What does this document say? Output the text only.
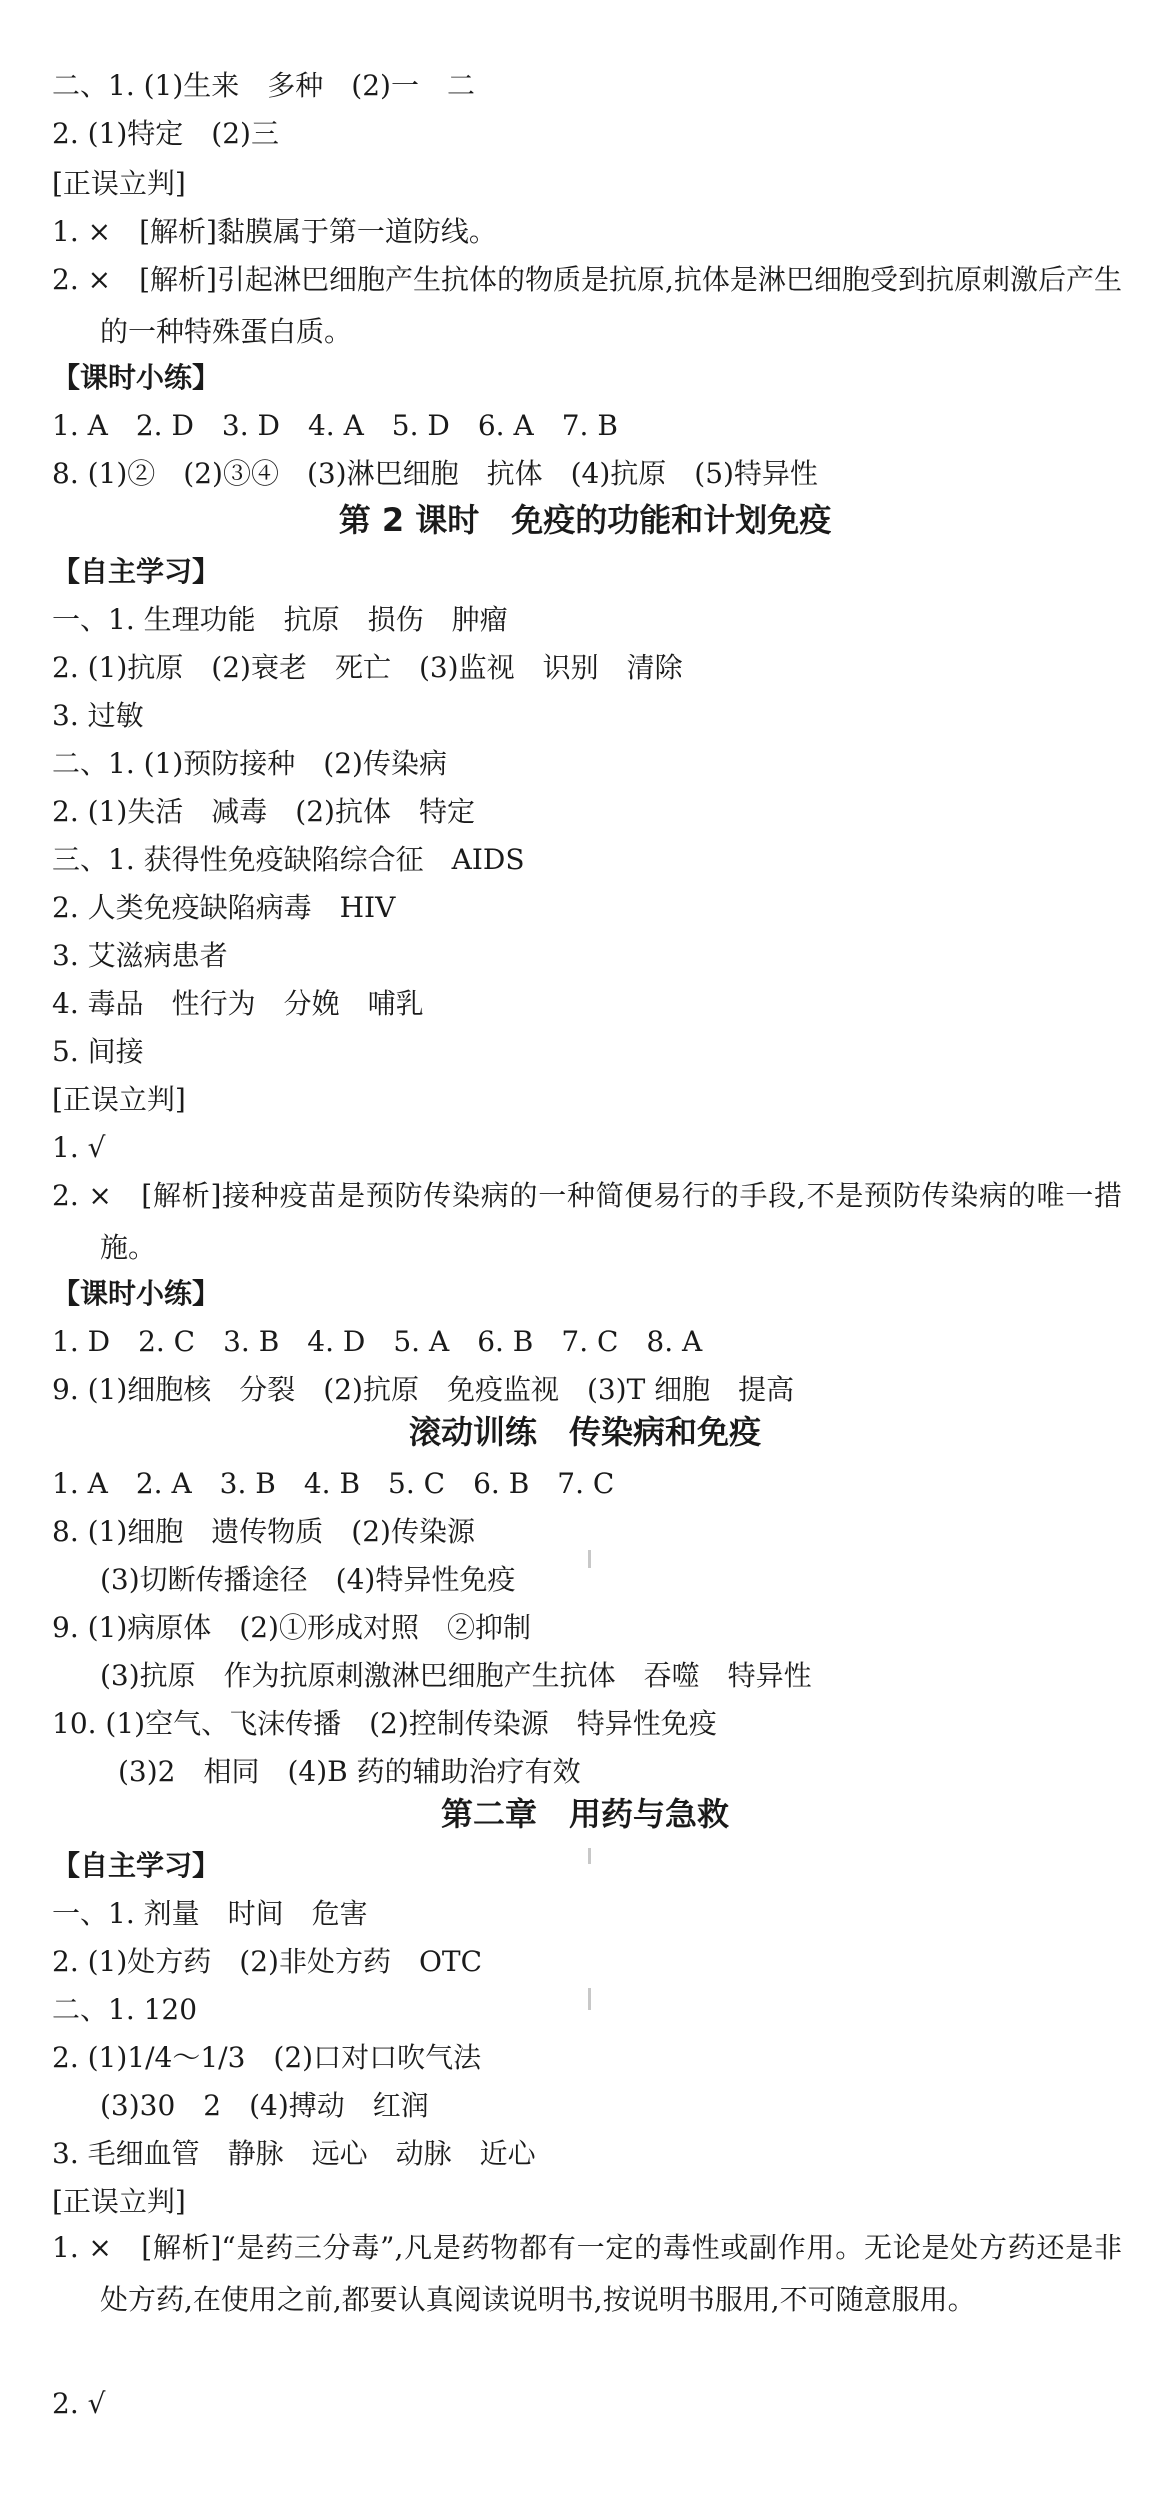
二、1. (1)生来　多种　(2)一　二
2. (1)特定　(2)三
[正误立判]
1. ×　[解析]黏膜属于第一道防线。
2. ×　[解析]引起淋巴细胞产生抗体的物质是抗原,抗体是淋巴细胞受到抗原刺激后产生的一种特殊蛋白质。
【课时小练】
1. A　2. D　3. D　4. A　5. D　6. A　7. B
8. (1)②　(2)③④　(3)淋巴细胞　抗体　(4)抗原　(5)特异性
第 2 课时　免疫的功能和计划免疫
【自主学习】
一、1. 生理功能　抗原　损伤　肿瘤
2. (1)抗原　(2)衰老　死亡　(3)监视　识别　清除
3. 过敏
二、1. (1)预防接种　(2)传染病
2. (1)失活　减毒　(2)抗体　特定
三、1. 获得性免疫缺陷综合征　AIDS
2. 人类免疫缺陷病毒　HIV
3. 艾滋病患者
4. 毒品　性行为　分娩　哺乳
5. 间接
[正误立判]
1. √
2. ×　[解析]接种疫苗是预防传染病的一种简便易行的手段,不是预防传染病的唯一措施。
【课时小练】
1. D　2. C　3. B　4. D　5. A　6. B　7. C　8. A
9. (1)细胞核　分裂　(2)抗原　免疫监视　(3)T 细胞　提高
滚动训练　传染病和免疫
1. A　2. A　3. B　4. B　5. C　6. B　7. C
8. (1)细胞　遗传物质　(2)传染源
(3)切断传播途径　(4)特异性免疫
9. (1)病原体　(2)①形成对照　②抑制
(3)抗原　作为抗原刺激淋巴细胞产生抗体　吞噬　特异性
10. (1)空气、飞沫传播　(2)控制传染源　特异性免疫
(3)2　相同　(4)B 药的辅助治疗有效
第二章　用药与急救
【自主学习】
一、1. 剂量　时间　危害
2. (1)处方药　(2)非处方药　OTC
二、1. 120
2. (1)1/4～1/3　(2)口对口吹气法
(3)30　2　(4)搏动　红润
3. 毛细血管　静脉　远心　动脉　近心
[正误立判]
1. ×　[解析]“是药三分毒”,凡是药物都有一定的毒性或副作用。无论是处方药还是非处方药,在使用之前,都要认真阅读说明书,按说明书服用,不可随意服用。
2. √
